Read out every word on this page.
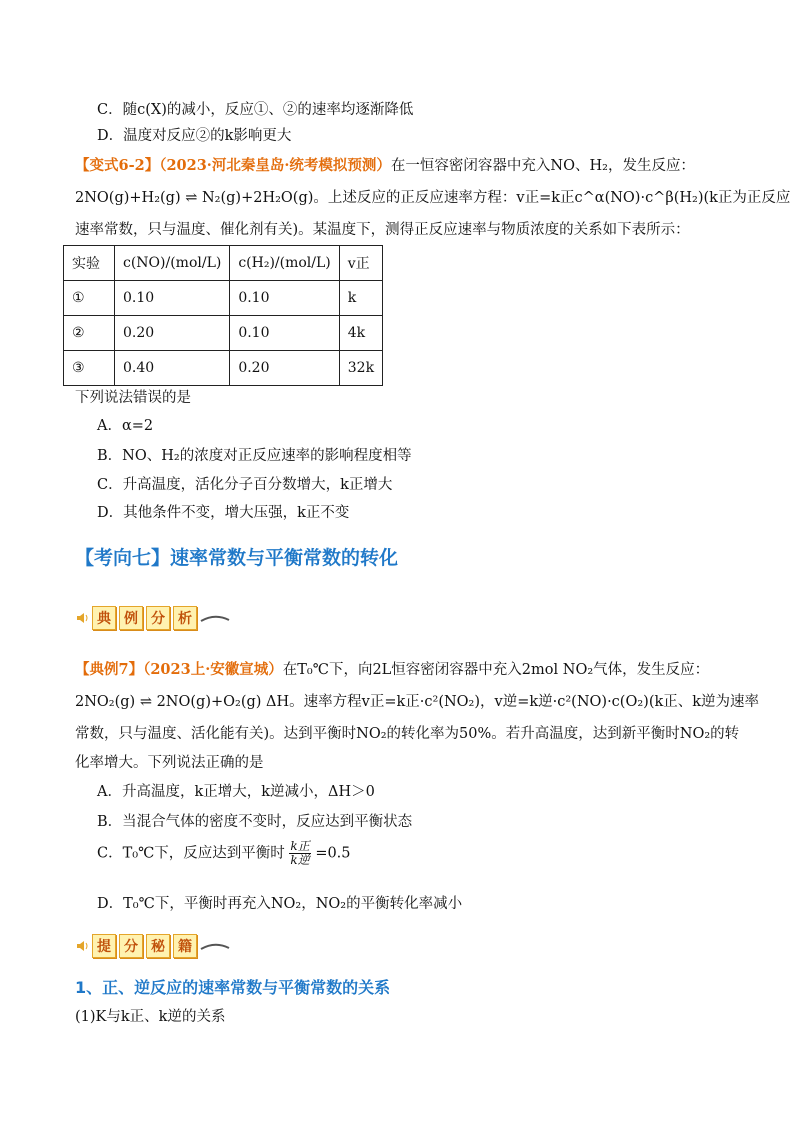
C．随c(X)的减小，反应①、②的速率均逐渐降低
D．温度对反应②的k影响更大
【变式6-2】（2023·河北秦皇岛·统考模拟预测）在一恒容密闭容器中充入NO、H₂，发生反应：
2NO(g)+H₂(g) ⇌ N₂(g)+2H₂O(g)。上述反应的正反应速率方程：v正=k正c^α(NO)·c^β(H₂)(k正为正反应
速率常数，只与温度、催化剂有关)。某温度下，测得正反应速率与物质浓度的关系如下表所示：
实验	c(NO)/(mol/L)	c(H₂)/(mol/L)	v正
①	0.10	0.10	k
②	0.20	0.10	4k
③	0.40	0.20	32k
下列说法错误的是
A．α=2
B．NO、H₂的浓度对正反应速率的影响程度相等
C．升高温度，活化分子百分数增大，k正增大
D．其他条件不变，增大压强，k正不变
【考向七】速率常数与平衡常数的转化
典 例 分 析
【典例7】（2023上·安徽宣城）在T₀℃下，向2L恒容密闭容器中充入2mol NO₂气体，发生反应：
2NO₂(g) ⇌ 2NO(g)+O₂(g) ΔH。速率方程v正=k正·c²(NO₂)，v逆=k逆·c²(NO)·c(O₂)(k正、k逆为速率
常数，只与温度、活化能有关)。达到平衡时NO₂的转化率为50%。若升高温度，达到新平衡时NO₂的转
化率增大。下列说法正确的是
A．升高温度，k正增大，k逆减小，ΔH＞0
B．当混合气体的密度不变时，反应达到平衡状态
C．T₀℃下，反应达到平衡时 $\frac{\text{k正}}{\text{k逆}} =0.5$
D．T₀℃下，平衡时再充入NO₂，NO₂的平衡转化率减小
提 分 秘 籍
1、正、逆反应的速率常数与平衡常数的关系
(1)K与k正、k逆的关系
